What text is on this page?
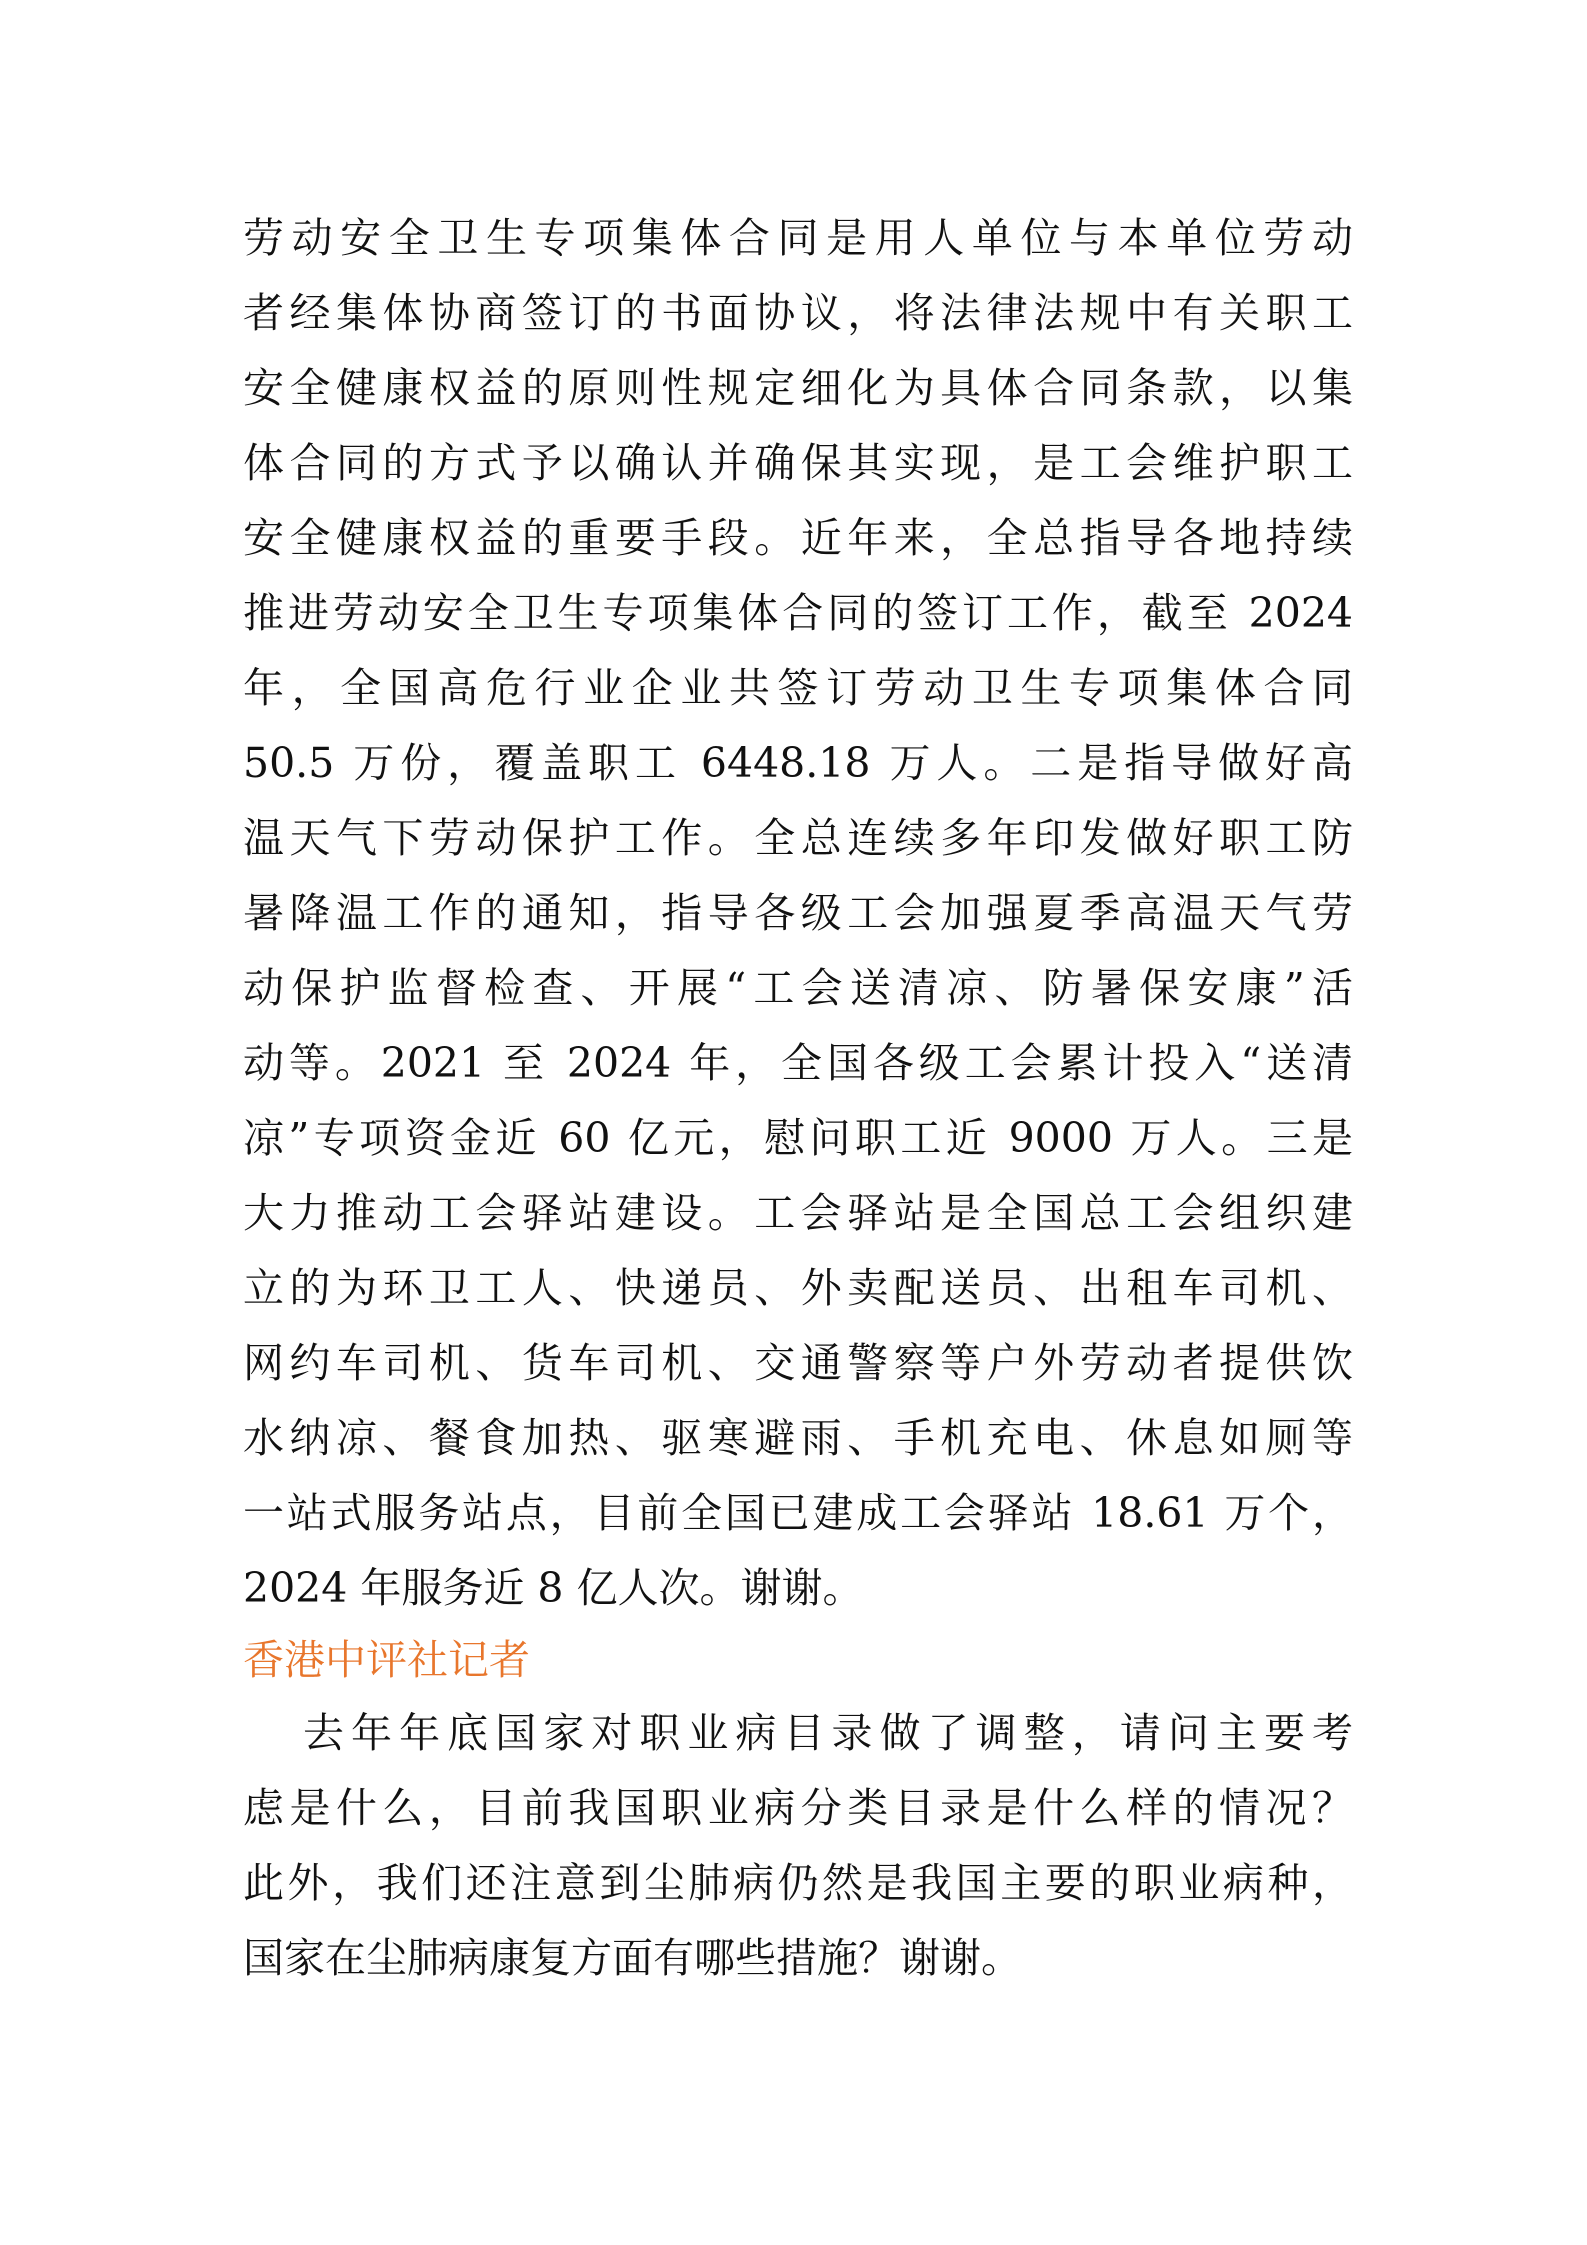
劳动安全卫生专项集体合同是用人单位与本单位劳动
者经集体协商签订的书面协议，将法律法规中有关职工
安全健康权益的原则性规定细化为具体合同条款，以集
体合同的方式予以确认并确保其实现，是工会维护职工
安全健康权益的重要手段。近年来，全总指导各地持续
推进劳动安全卫生专项集体合同的签订工作，截至 2024
年，全国高危行业企业共签订劳动卫生专项集体合同
50.5 万份，覆盖职工 6448.18 万人。二是指导做好高
温天气下劳动保护工作。全总连续多年印发做好职工防
暑降温工作的通知，指导各级工会加强夏季高温天气劳
动保护监督检查、开展“工会送清凉、防暑保安康”活
动等。2021 至 2024 年，全国各级工会累计投入“送清
凉”专项资金近 60 亿元，慰问职工近 9000 万人。三是
大力推动工会驿站建设。工会驿站是全国总工会组织建
立的为环卫工人、快递员、外卖配送员、出租车司机、
网约车司机、货车司机、交通警察等户外劳动者提供饮
水纳凉、餐食加热、驱寒避雨、手机充电、休息如厕等
一站式服务站点，目前全国已建成工会驿站 18.61 万个，
2024 年服务近 8 亿人次。谢谢。
香港中评社记者
去年年底国家对职业病目录做了调整，请问主要考
虑是什么，目前我国职业病分类目录是什么样的情况？
此外，我们还注意到尘肺病仍然是我国主要的职业病种，
国家在尘肺病康复方面有哪些措施？谢谢。
